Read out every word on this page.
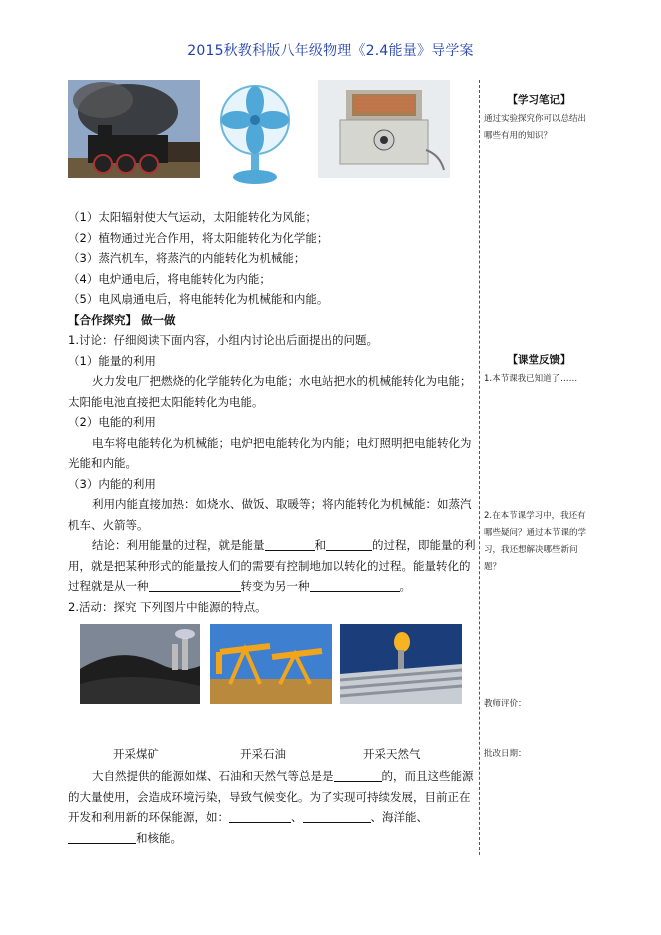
2015秋教科版八年级物理《2.4能量》导学案

（1）太阳辐射使大气运动，太阳能转化为风能；

（2）植物通过光合作用，将太阳能转化为化学能；

（3）蒸汽机车，将蒸汽的内能转化为机械能；

（4）电炉通电后，将电能转化为内能；

（5）电风扇通电后，将电能转化为机械能和内能。

【合作探究】 做一做

1.讨论：仔细阅读下面内容，小组内讨论出后面提出的问题。

（1）能量的利用

火力发电厂把燃烧的化学能转化为电能；水电站把水的机械能转化为电能；太阳能电池直接把太阳能转化为电能。

（2）电能的利用

电车将电能转化为机械能；电炉把电能转化为内能；电灯照明把电能转化为光能和内能。

（3）内能的利用

利用内能直接加热：如烧水、做饭、取暖等；将内能转化为机械能：如蒸汽机车、火箭等。

结论：利用能量的过程，就是能量	和	的过程，即能量的利用，就是把某种形式的能量按人们的需要有控制地加以转化的过程。能量转化的过程就是从一种	转变为另一种	。

2.活动：探究 下列图片中能源的特点。

开采煤矿	开采石油	开采天然气

大自然提供的能源如煤、石油和天然气等总是是	的，而且这些能源的大量使用，会造成环境污染，导致气候变化。为了实现可持续发展，目前正在开发和利用新的环保能源，如：	、	、海洋能、和核能。

【学习笔记】
通过实验探究你可以总结出哪些有用的知识？
【课堂反馈】
1.本节课我已知道了……
2.在本节课学习中，我还有哪些疑问？通过本节课的学习，我还想解决哪些新问题？
教师评价：
批改日期：
